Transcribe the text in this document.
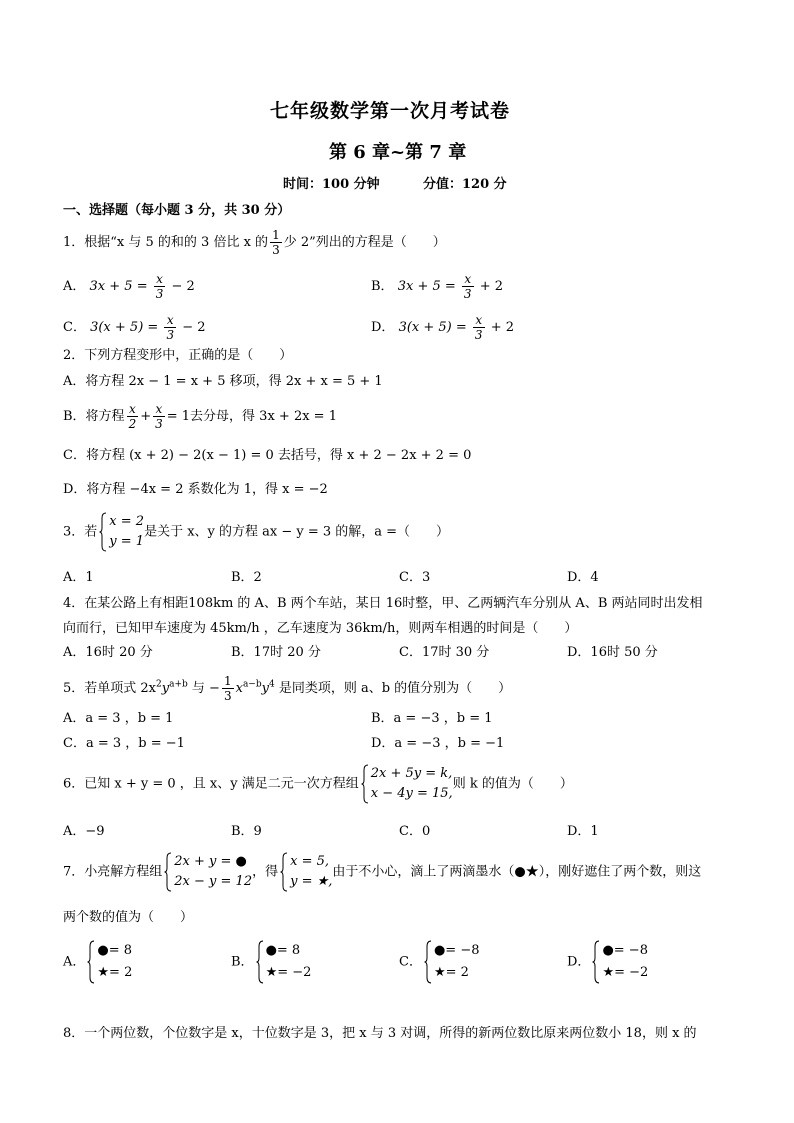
七年级数学第一次月考试卷
第 6 章~第 7 章
时间：100 分钟	分值：120 分
一、选择题（每小题 3 分，共 30 分）
1．根据“x 与 5 的和的 3 倍比 x 的 $\frac{1}{3}$ 少 2”列出的方程是（　　）
A． $3x + 5 = \frac{x}{3} - 2$	B． $3x + 5 = \frac{x}{3} + 2$
C． $3(x + 5) = \frac{x}{3} - 2$	D． $3(x + 5) = \frac{x}{3} + 2$
2．下列方程变形中，正确的是（　　）
A．将方程 2x − 1 = x + 5 移项，得 2x + x = 5 + 1
B．将方程 $\frac{x}{2} + \frac{x}{3} = 1$去分母，得 3x + 2x = 1
C．将方程 (x + 2) − 2(x − 1) = 0 去括号，得 x + 2 − 2x + 2 = 0
D．将方程 −4x = 2 系数化为 1，得 x = −2
3．若
x = 2
y = 1
是关于 x、y 的方程 ax − y = 3 的解，a =（　　）
A．1	B．2	C．3	D．4
4．在某公路上有相距108km 的 A、B 两个车站，某日 16时整，甲、乙两辆汽车分别从 A、B 两站同时出发相
向而行，已知甲车速度为 45km/h ，乙车速度为 36km/h，则两车相遇的时间是（　　）
A．16时 20 分	B．17时 20 分	C．17时 30 分	D．16时 50 分
5．若单项式 $2x^2y^{a+b}$ 与 − $\frac{1}{3} x^{a-b}y^4$ 是同类项，则 a、b 的值分别为（　　）
A．a = 3 ，b = 1	B．a = −3 ，b = 1
C．a = 3 ，b = −1	D．a = −3 ，b = −1
6．已知 x + y = 0 ，且 x、y 满足二元一次方程组
2x + 5y = k,
x − 4y = 15,
则 k 的值为（　　）
A．−9	B．9	C．0	D．1
7．小亮解方程组
2x + y = ●
2x − y = 12
，得
x = 5,
y = ★,
由于不小心，滴上了两滴墨水（●★），刚好遮住了两个数，则这
两个数的值为（　　）
A．
●= 8
★= 2
B．
●= 8
★= −2
C．
●= −8
★= 2
D．
●= −8
★= −2
8．一个两位数，个位数字是 x，十位数字是 3，把 x 与 3 对调，所得的新两位数比原来两位数小 18，则 x 的
